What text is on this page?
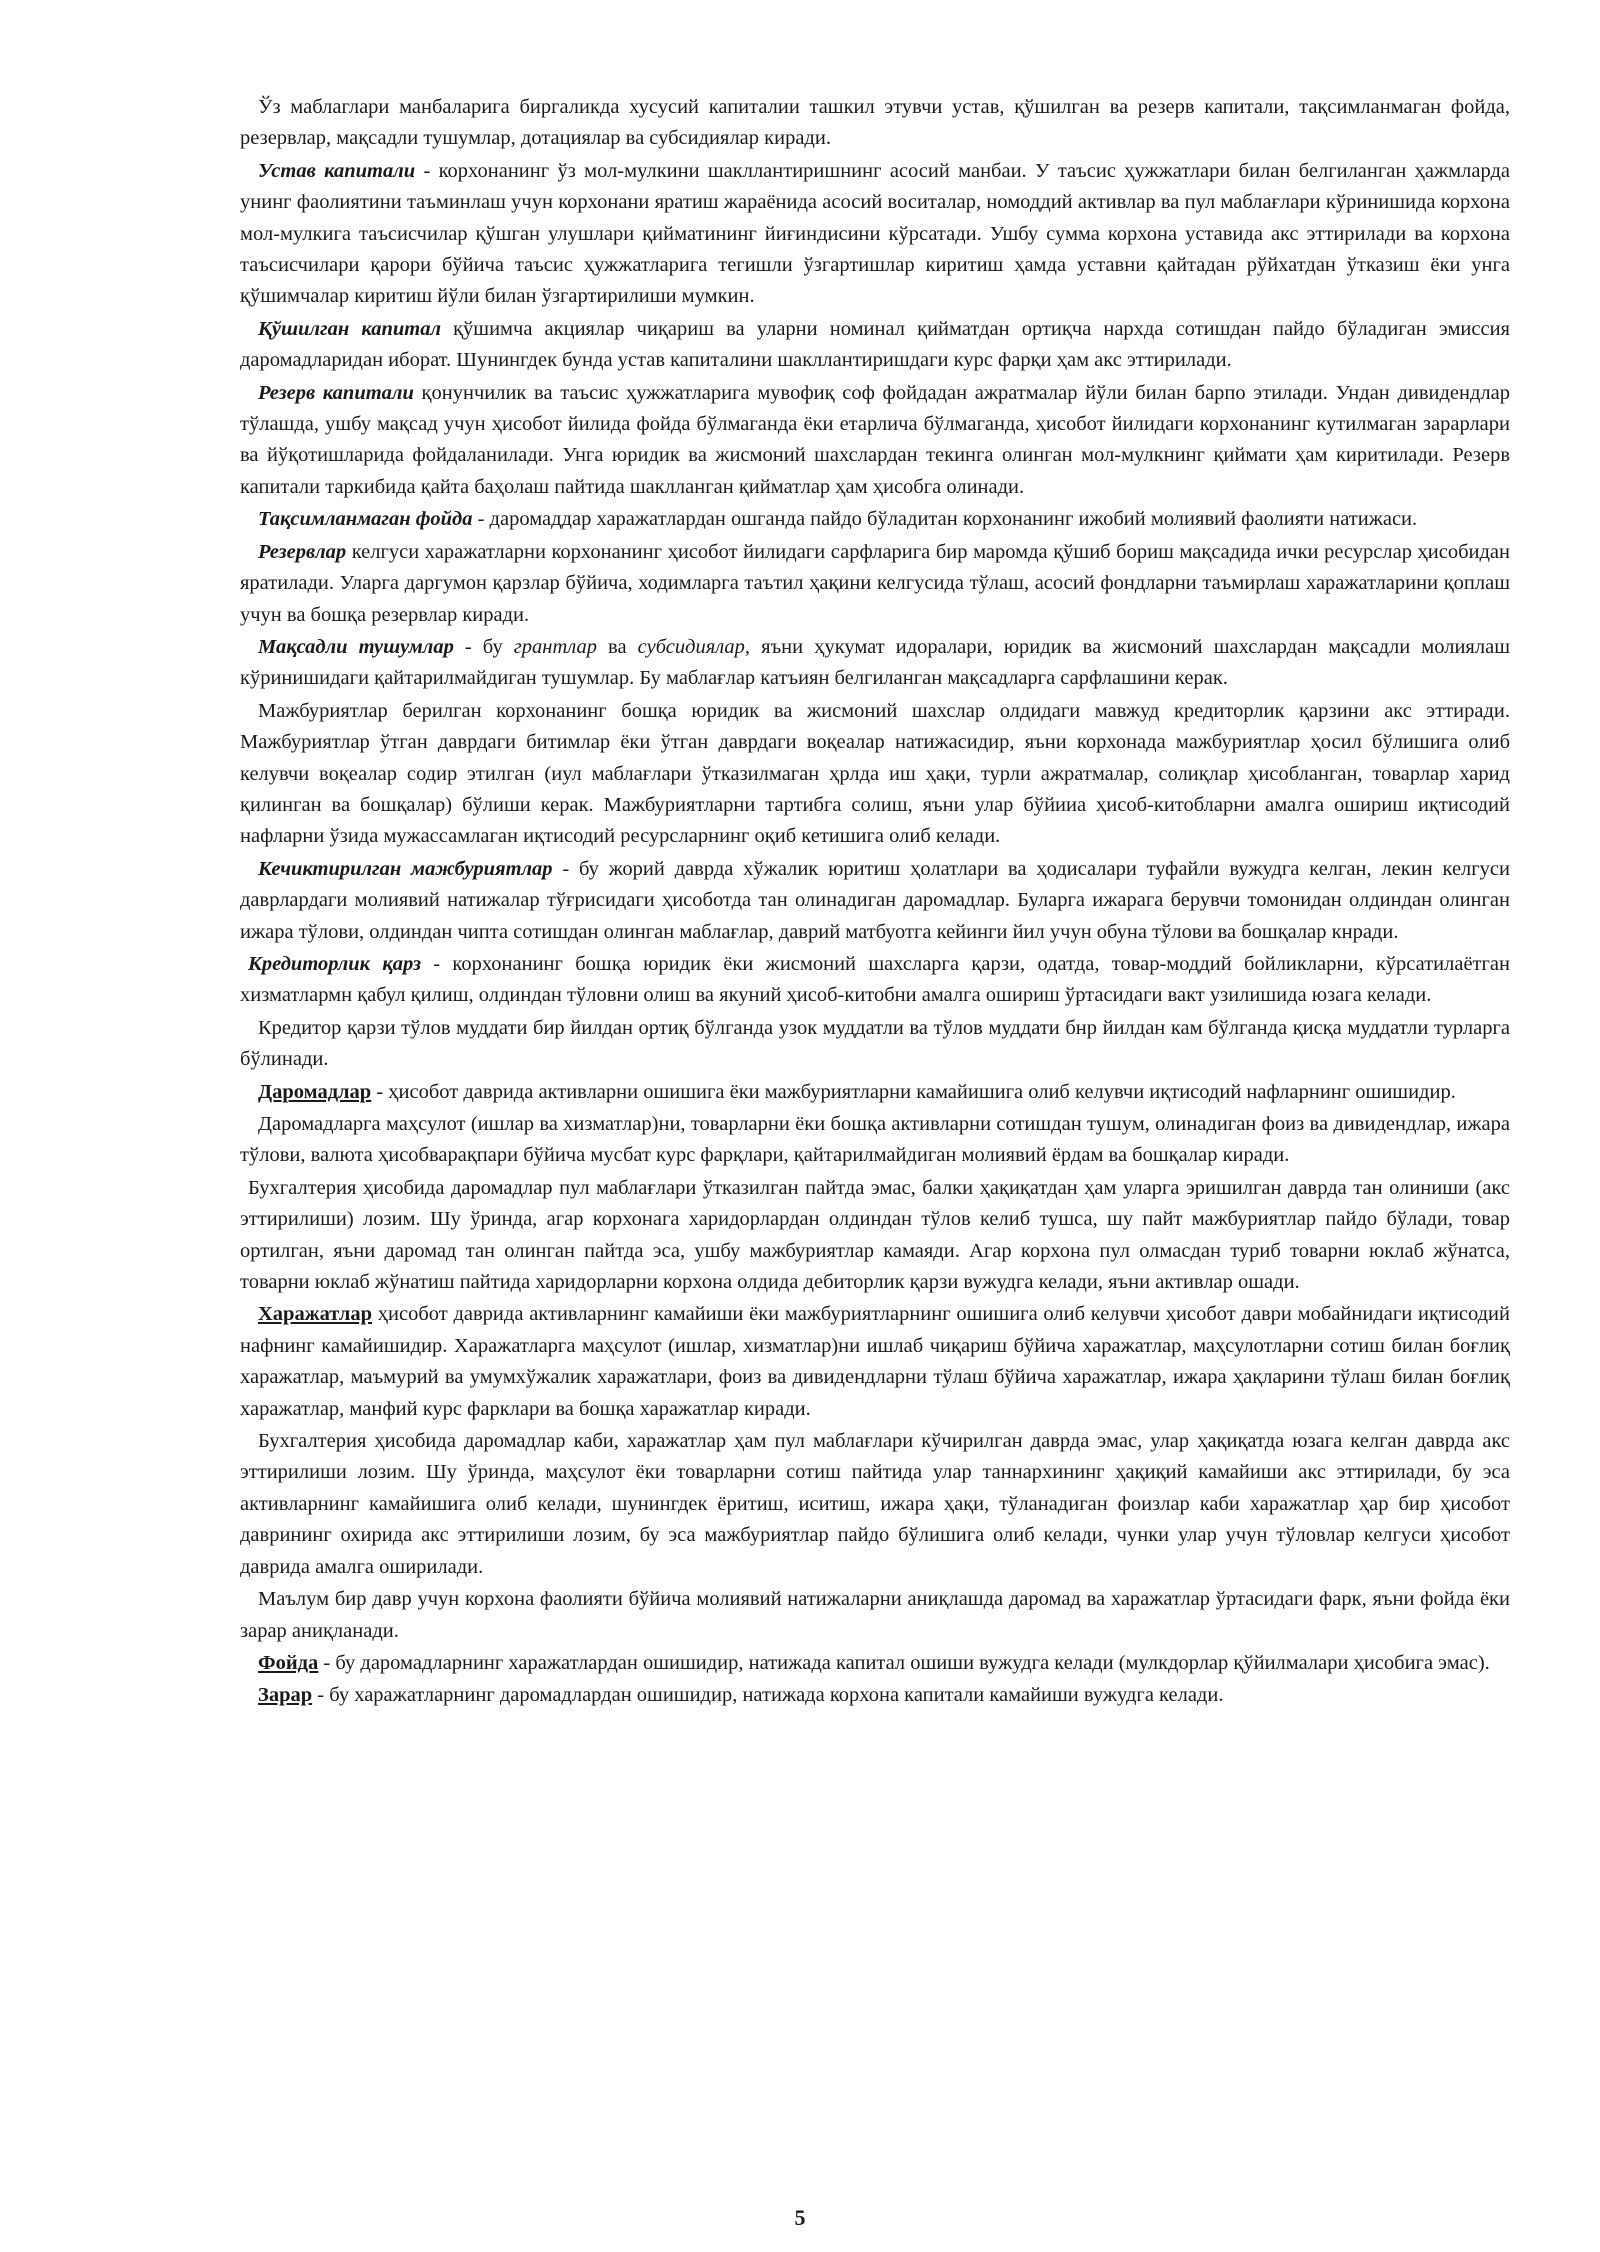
Ўз маблаглари манбаларига биргаликда хусусий капиталии ташкил этувчи устав, қўшилган ва резерв капитали, тақсимланмаган фойда, резервлар, мақсадли тушумлар, дотациялар ва субсидиялар киради.

Устав капитали - корхонанинг ўз мол-мулкини шакллантиришнинг асосий манбаи. У таъсис ҳужжатлари билан белгиланган ҳажмларда унинг фаолиятини таъминлаш учун корхонани яратиш жараёнида асосий воситалар, номоддий активлар ва пул маблағлари кўринишида корхона мол-мулкига таъсисчилар қўшган улушлари қийматининг йиғиндисини кўрсатади. Ушбу сумма корхона уставида акс эттирилади ва корхона таъсисчилари қарори бўйича таъсис ҳужжатларига тегишли ўзгартишлар киритиш ҳамда уставни қайтадан рўйхатдан ўтказиш ёки унга қўшимчалар киритиш йўли билан ўзгартирилиши мумкин.

Қўшилган капитал қўшимча акциялар чиқариш ва уларни номинал қийматдан ортиқча нархда сотишдан пайдо бўладиган эмиссия даромадларидан иборат. Шунингдек бунда устав капиталини шакллантиришдаги курс фарқи ҳам акс эттирилади.

Резерв капитали қонунчилик ва таъсис ҳужжатларига мувофиқ соф фойдадан ажратмалар йўли билан барпо этилади. Ундан дивидендлар тўлашда, ушбу мақсад учун ҳисобот йилида фойда бўлмаганда ёки етарлича бўлмаганда, ҳисобот йилидаги корхонанинг кутилмаган зарарлари ва йўқотишларида фойдаланилади. Унга юридик ва жисмоний шахслардан текинга олинган мол-мулкнинг қиймати ҳам киритилади. Резерв капитали таркибида қайта баҳолаш пайтида шаклланган қийматлар ҳам ҳисобга олинади.

Тақсимланмаган фойда - даромаддар харажатлардан ошганда пайдо бўладитан корхонанинг ижобий молиявий фаолияти натижаси.

Резервлар келгуси харажатларни корхонанинг ҳисобот йилидаги сарфларига бир маромда қўшиб бориш мақсадида ички ресурслар ҳисобидан яратилади. Уларга даргумон қарзлар бўйича, ходимларга таътил ҳақини келгусида тўлаш, асосий фондларни таъмирлаш харажатларини қоплаш учун ва бошқа резервлар киради.

Мақсадли тушумлар - бу грантлар ва субсидиялар, яъни ҳукумат идоралари, юридик ва жисмоний шахслардан мақсадли молиялаш кўринишидаги қайтарилмайдиган тушумлар. Бу маблағлар катъиян белгиланган мақсадларга сарфлашини керак.

Мажбуриятлар берилган корхонанинг бошқа юридик ва жисмоний шахслар олдидаги мавжуд кредиторлик қарзини акс эттиради. Мажбуриятлар ўтган даврдаги битимлар ёки ўтган даврдаги воқеалар натижасидир, яъни корхонада мажбуриятлар ҳосил бўлишига олиб келувчи воқеалар содир этилган (иул маблағлари ўтказилмаган ҳрлда иш ҳақи, турли ажратмалар, солиқлар ҳисобланган, товарлар харид қилинган ва бошқалар) бўлиши керак. Мажбуриятларни тартибга солиш, яъни улар бўйииа ҳисоб-китобларни амалга ошириш иқтисодий нафларни ўзида мужассамлаган иқтисодий ресурсларнинг оқиб кетишига олиб келади.

Кечиктирилган мажбуриятлар - бу жорий даврда хўжалик юритиш ҳолатлари ва ҳодисалари туфайли вужудга келган, лекин келгуси даврлардаги молиявий натижалар тўғрисидаги ҳисоботда тан олинадиган даромадлар. Буларга ижарага берувчи томонидан олдиндан олинган ижара тўлови, олдиндан чипта сотишдан олинган маблағлар, даврий матбуотга кейинги йил учун обуна тўлови ва бошқалар кнради.

Кредиторлик қарз - корхонанинг бошқа юридик ёки жисмоний шахсларга қарзи, одатда, товар-моддий бойликларни, кўрсатилаётган хизматлармн қабул қилиш, олдиндан тўловни олиш ва якуний ҳисоб-китобни амалга ошириш ўртасидаги вакт узилишида юзага келади.

Кредитор қарзи тўлов муддати бир йилдан ортиқ бўлганда узок муддатли ва тўлов муддати бнр йилдан кам бўлганда қисқа муддатли турларга бўлинади.

Даромадлар - ҳисобот даврида активларни ошишига ёки мажбуриятларни камайишига олиб келувчи иқтисодий нафларнинг ошишидир.

Даромадларга маҳсулот (ишлар ва хизматлар)ни, товарларни ёки бошқа активларни сотишдан тушум, олинадиган фоиз ва дивидендлар, ижара тўлови, валюта ҳисобварақпари бўйича мусбат курс фарқлари, қайтарилмайдиган молиявий ёрдам ва бошқалар киради.

Бухгалтерия ҳисобида даромадлар пул маблағлари ўтказилган пайтда эмас, балки ҳақиқатдан ҳам уларга эришилган даврда тан олиниши (акс эттирилиши) лозим. Шу ўринда, агар корхонага харидорлардан олдиндан тўлов келиб тушса, шу пайт мажбуриятлар пайдо бўлади, товар ортилган, яъни даромад тан олинган пайтда эса, ушбу мажбуриятлар камаяди. Агар корхона пул олмасдан туриб товарни юклаб жўнатса, товарни юклаб жўнатиш пайтида харидорларни корхона олдида дебиторлик қарзи вужудга келади, яъни активлар ошади.

Харажатлар ҳисобот даврида активларнинг камайиши ёки мажбуриятларнинг ошишига олиб келувчи ҳисобот даври мобайнидаги иқтисодий нафнинг камайишидир. Харажатларга маҳсулот (ишлар, хизматлар)ни ишлаб чиқариш бўйича харажатлар, маҳсулотларни сотиш билан боғлиқ харажатлар, маъмурий ва умумхўжалик харажатлари, фоиз ва дивидендларни тўлаш бўйича харажатлар, ижара ҳақларини тўлаш билан боғлиқ харажатлар, манфий курс фарклари ва бошқа харажатлар киради.

Бухгалтерия ҳисобида даромадлар каби, харажатлар ҳам пул маблағлари кўчирилган даврда эмас, улар ҳақиқатда юзага келган даврда акс эттирилиши лозим. Шу ўринда, маҳсулот ёки товарларни сотиш пайтида улар таннархининг ҳақиқий камайиши акс эттирилади, бу эса активларнинг камайишига олиб келади, шунингдек ёритиш, иситиш, ижара ҳақи, тўланадиган фоизлар каби харажатлар ҳар бир ҳисобот даврининг охирида акс эттирилиши лозим, бу эса мажбуриятлар пайдо бўлишига олиб келади, чунки улар учун тўловлар келгуси ҳисобот даврида амалга оширилади.

Маълум бир давр учун корхона фаолияти бўйича молиявий натижаларни аниқлашда даромад ва харажатлар ўртасидаги фарк, яъни фойда ёки зарар аниқланади.

Фойда - бу даромадларнинг харажатлардан ошишидир, натижада капитал ошиши вужудга келади (мулкдорлар қўйилмалари ҳисобига эмас).

Зарар - бу харажатларнинг даромадлардан ошишидир, натижада корхона капитали камайиши вужудга келади.

5
